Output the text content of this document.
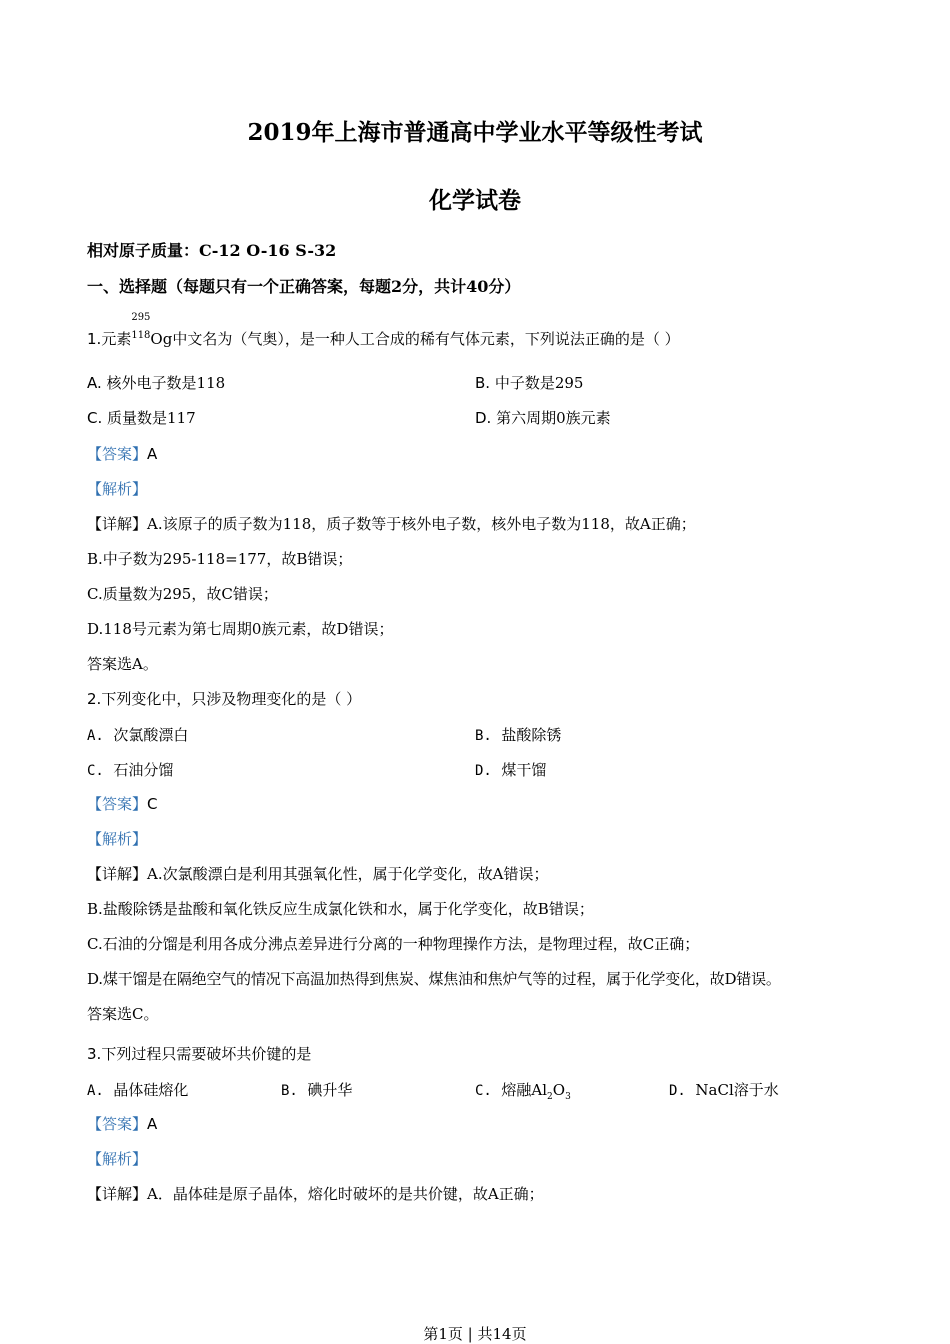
2019年上海市普通高中学业水平等级性考试
化学试卷
相对原子质量：C-12 O-16 S-32
一、选择题（每题只有一个正确答案，每题2分，共计40分）
1.元素
295
$^{118}$Og中文名为（气奥），是一种人工合成的稀有气体元素，下列说法正确的是（ ）
A. 核外电子数是118	B. 中子数是295
C. 质量数是117	D. 第六周期0族元素
【答案】A
【解析】
【详解】A.该原子的质子数为118，质子数等于核外电子数，核外电子数为118，故A正确；
B.中子数为295-118=177，故B错误；
C.质量数为295，故C错误；
D.118号元素为第七周期0族元素，故D错误；
答案选A。
2.下列变化中，只涉及物理变化的是（ ）
A. 次氯酸漂白	B. 盐酸除锈
C. 石油分馏	D. 煤干馏
【答案】C
【解析】
【详解】A.次氯酸漂白是利用其强氧化性，属于化学变化，故A错误；
B.盐酸除锈是盐酸和氧化铁反应生成氯化铁和水，属于化学变化，故B错误；
C.石油的分馏是利用各成分沸点差异进行分离的一种物理操作方法，是物理过程，故C正确；
D.煤干馏是在隔绝空气的情况下高温加热得到焦炭、煤焦油和焦炉气等的过程，属于化学变化，故D错误。
答案选C。
3.下列过程只需要破坏共价键的是
A. 晶体硅熔化	B. 碘升华	C. 熔融$Al_2O_3$	D. NaCl溶于水
【答案】A
【解析】
【详解】A．晶体硅是原子晶体，熔化时破坏的是共价键，故A正确；
第1页 | 共14页
